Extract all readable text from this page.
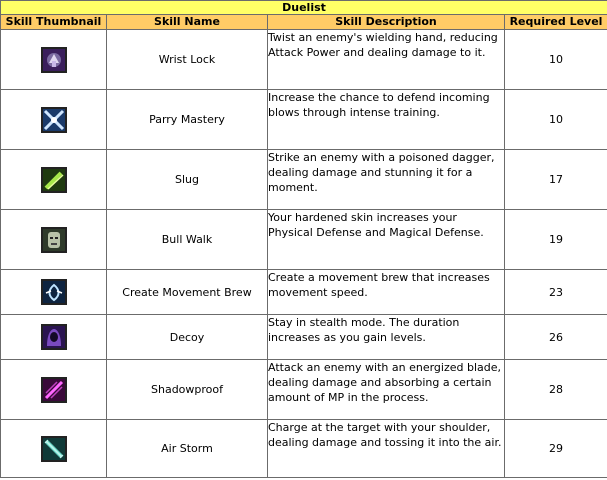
Duelist			
Skill Thumbnail	Skill Name	Skill Description	Required Level

	Wrist Lock	Twist an enemy's wielding hand, reducing Attack Power and dealing damage to it.	10

	Parry Mastery	Increase the chance to defend incoming blows through intense training.	10

	Slug	Strike an enemy with a poisoned dagger, dealing damage and stunning it for a moment.	17

	Bull Walk	Your hardened skin increases your Physical Defense and Magical Defense.	19

	Create Movement Brew	Create a movement brew that increases movement speed.	23

	Decoy	Stay in stealth mode. The duration increases as you gain levels.	26

	Shadowproof	Attack an enemy with an energized blade, dealing damage and absorbing a certain amount of MP in the process.	28

	Air Storm	Charge at the target with your shoulder, dealing damage and tossing it into the air.	29
